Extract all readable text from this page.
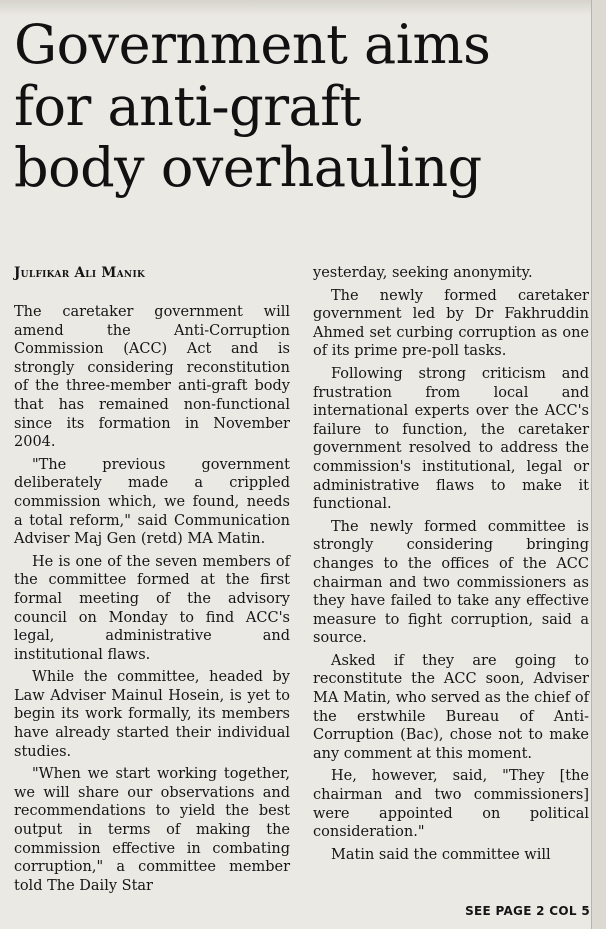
Government aims
for anti-graft
body overhauling
Julfikar Ali Manik

The caretaker government will amend the Anti-Corruption Commission (ACC) Act and is strongly considering reconstitution of the three-member anti-graft body that has remained non-functional since its formation in November 2004.

"The previous government deliberately made a crippled commission which, we found, needs a total reform," said Communication Adviser Maj Gen (retd) MA Matin.

He is one of the seven members of the committee formed at the first formal meeting of the advisory council on Monday to find ACC's legal, administrative and institutional flaws.

While the committee, headed by Law Adviser Mainul Hosein, is yet to begin its work formally, its members have already started their individual studies.

"When we start working together, we will share our observations and recommendations to yield the best output in terms of making the commission effective in combating corruption," a committee member told The Daily Star

yesterday, seeking anonymity.

The newly formed caretaker government led by Dr Fakhruddin Ahmed set curbing corruption as one of its prime pre-poll tasks.

Following strong criticism and frustration from local and international experts over the ACC's failure to function, the caretaker government resolved to address the commission's institutional, legal or administrative flaws to make it functional.

The newly formed committee is strongly considering bringing changes to the offices of the ACC chairman and two commissioners as they have failed to take any effective measure to fight corruption, said a source.

Asked if they are going to reconstitute the ACC soon, Adviser MA Matin, who served as the chief of the erstwhile Bureau of Anti-Corruption (Bac), chose not to make any comment at this moment.

He, however, said, "They [the chairman and two commissioners] were appointed on political consideration."

Matin said the committee will

SEE PAGE 2 COL 5
